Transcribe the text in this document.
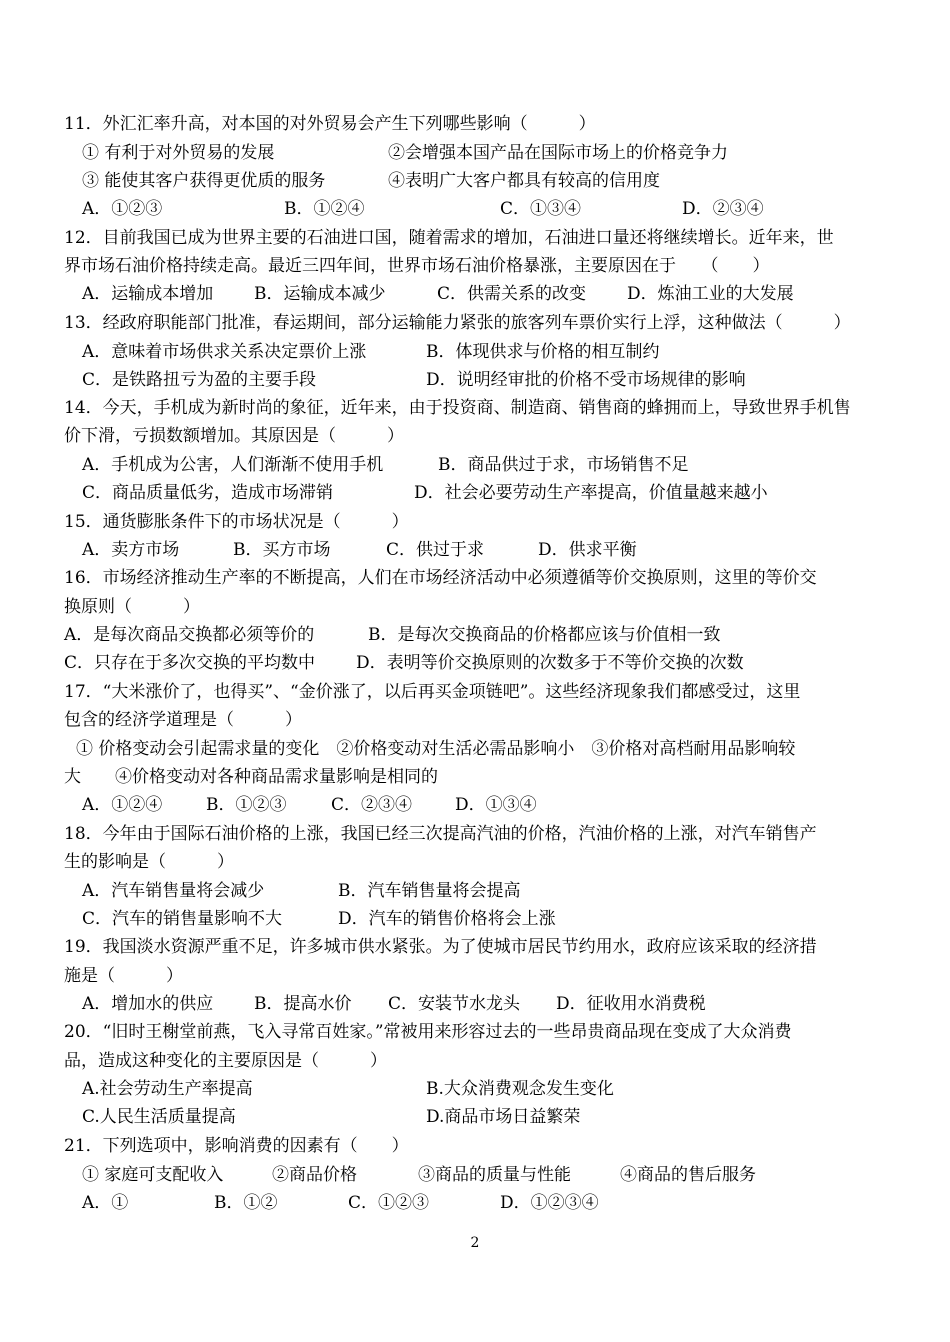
11．外汇汇率升高，对本国的对外贸易会产生下列哪些影响（　　　）
① 有利于对外贸易的发展	②会增强本国产品在国际市场上的价格竞争力
③ 能使其客户获得更优质的服务	④表明广大客户都具有较高的信用度
A．①②③	B．①②④	C．①③④	D．②③④
12．目前我国已成为世界主要的石油进口国，随着需求的增加，石油进口量还将继续增长。近年来，世
界市场石油价格持续走高。最近三四年间，世界市场石油价格暴涨，主要原因在于　　（　　）
A．运输成本增加 B．运输成本减少	C．供需关系的改变 D．炼油工业的大发展
13．经政府职能部门批准，春运期间，部分运输能力紧张的旅客列车票价实行上浮，这种做法（　　　）
A．意味着市场供求关系决定票价上涨	B．体现供求与价格的相互制约
C．是铁路扭亏为盈的主要手段	D．说明经审批的价格不受市场规律的影响
14．今天，手机成为新时尚的象征，近年来，由于投资商、制造商、销售商的蜂拥而上，导致世界手机售
价下滑，亏损数额增加。其原因是（　　　）
A．手机成为公害，人们渐渐不使用手机	B．商品供过于求，市场销售不足
C．商品质量低劣，造成市场滞销	D．社会必要劳动生产率提高，价值量越来越小
15．通货膨胀条件下的市场状况是（　　　）
A．卖方市场	B．买方市场	C．供过于求	D．供求平衡
16．市场经济推动生产率的不断提高，人们在市场经济活动中必须遵循等价交换原则，这里的等价交
换原则（　　　）
A．是每次商品交换都必须等价的	B．是每次交换商品的价格都应该与价值相一致
C．只存在于多次交换的平均数中 D．表明等价交换原则的次数多于不等价交换的次数
17．“大米涨价了，也得买”、“金价涨了，以后再买金项链吧”。这些经济现象我们都感受过，这里
包含的经济学道理是（　　　）
① 价格变动会引起需求量的变化　②价格变动对生活必需品影响小　③价格对高档耐用品影响较
大　　④价格变动对各种商品需求量影响是相同的
A．①②④	B．①②③	C．②③④	D．①③④
18．今年由于国际石油价格的上涨，我国已经三次提高汽油的价格，汽油价格的上涨，对汽车销售产
生的影响是（　　　）
A．汽车销售量将会减少	B．汽车销售量将会提高
C．汽车的销售量影响不大	D．汽车的销售价格将会上涨
19．我国淡水资源严重不足，许多城市供水紧张。为了使城市居民节约用水，政府应该采取的经济措
施是（　　　）
A．增加水的供应 B．提高水价 C．安装节水龙头 D．征收用水消费税
20．“旧时王榭堂前燕，飞入寻常百姓家。”常被用来形容过去的一些昂贵商品现在变成了大众消费
品，造成这种变化的主要原因是（　　　）
A.社会劳动生产率提高	B.大众消费观念发生变化
C.人民生活质量提高	D.商品市场日益繁荣
21．下列选项中，影响消费的因素有（　　）
① 家庭可支配收入	②商品价格	③商品的质量与性能	④商品的售后服务
A．①	B．①②	C．①②③	D．①②③④
2
